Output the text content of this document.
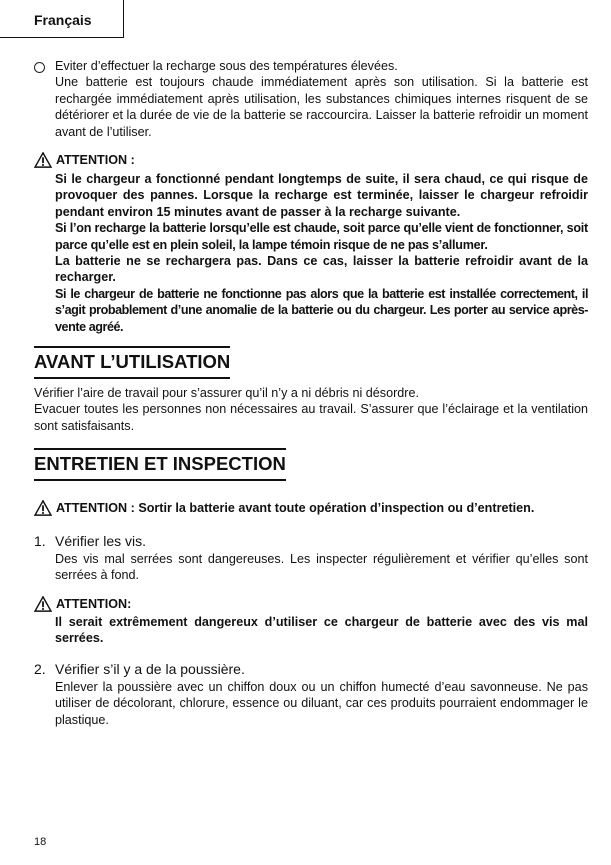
Français
Eviter d’effectuer la recharge sous des températures élevées.
Une batterie est toujours chaude immédiatement après son utilisation. Si la batterie est rechargée immédiatement après utilisation, les substances chimiques internes risquent de se détériorer et la durée de vie de la batterie se raccourcira. Laisser la batterie refroidir un moment avant de l’utiliser.
ATTENTION :
Si le chargeur a fonctionné pendant longtemps de suite, il sera chaud, ce qui risque de provoquer des pannes. Lorsque la recharge est terminée, laisser le chargeur refroidir pendant environ 15 minutes avant de passer à la recharge suivante.
Si l’on recharge la batterie lorsqu’elle est chaude, soit parce qu’elle vient de fonctionner, soit parce qu’elle est en plein soleil, la lampe témoin risque de ne pas s’allumer.
La batterie ne se rechargera pas. Dans ce cas, laisser la batterie refroidir avant de la recharger.
Si le chargeur de batterie ne fonctionne pas alors que la batterie est installée correctement, il s’agit probablement d’une anomalie de la batterie ou du chargeur. Les porter au service après-vente agréé.
AVANT L’UTILISATION
Vérifier l’aire de travail pour s’assurer qu’il n’y a ni débris ni désordre.
Evacuer toutes les personnes non nécessaires au travail. S’assurer que l’éclairage et la ventilation sont satisfaisants.
ENTRETIEN ET INSPECTION
ATTENTION : Sortir la batterie avant toute opération d’inspection ou d’entretien.
1. Vérifier les vis.
Des vis mal serrées sont dangereuses. Les inspecter régulièrement et vérifier qu’elles sont serrées à fond.
ATTENTION:
Il serait extrêmement dangereux d’utiliser ce chargeur de batterie avec des vis mal serrées.
2. Vérifier s’il y a de la poussière.
Enlever la poussière avec un chiffon doux ou un chiffon humecté d’eau savonneuse. Ne pas utiliser de décolorant, chlorure, essence ou diluant, car ces produits pourraient endommager le plastique.
18
